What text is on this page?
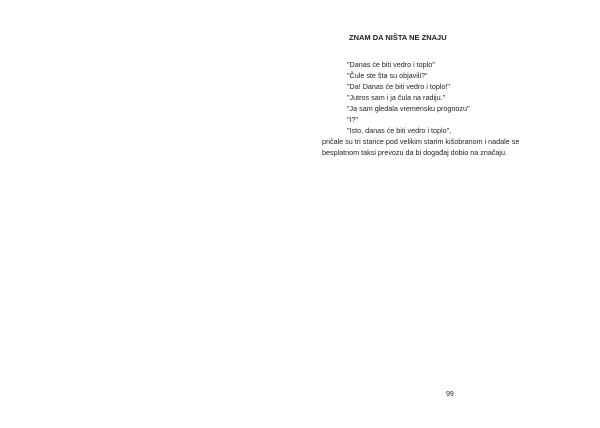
ZNAM DA NIŠTA NE ZNAJU
"Danas će biti vedro i toplo"
"Čule ste šta su objavili?"
"Da! Danas će biti vedro i toplo!"
"Jutros sam i ja čula na radiju."
"Ja sam gledala vremensku prognozu"
"I?"
"Isto, danas će biti vedro i toplo",
pričale su tri starice pod velikim starim kišobranom i nadale se
besplatnom taksi prevozu da bi događaj dobio na značaju.
99
